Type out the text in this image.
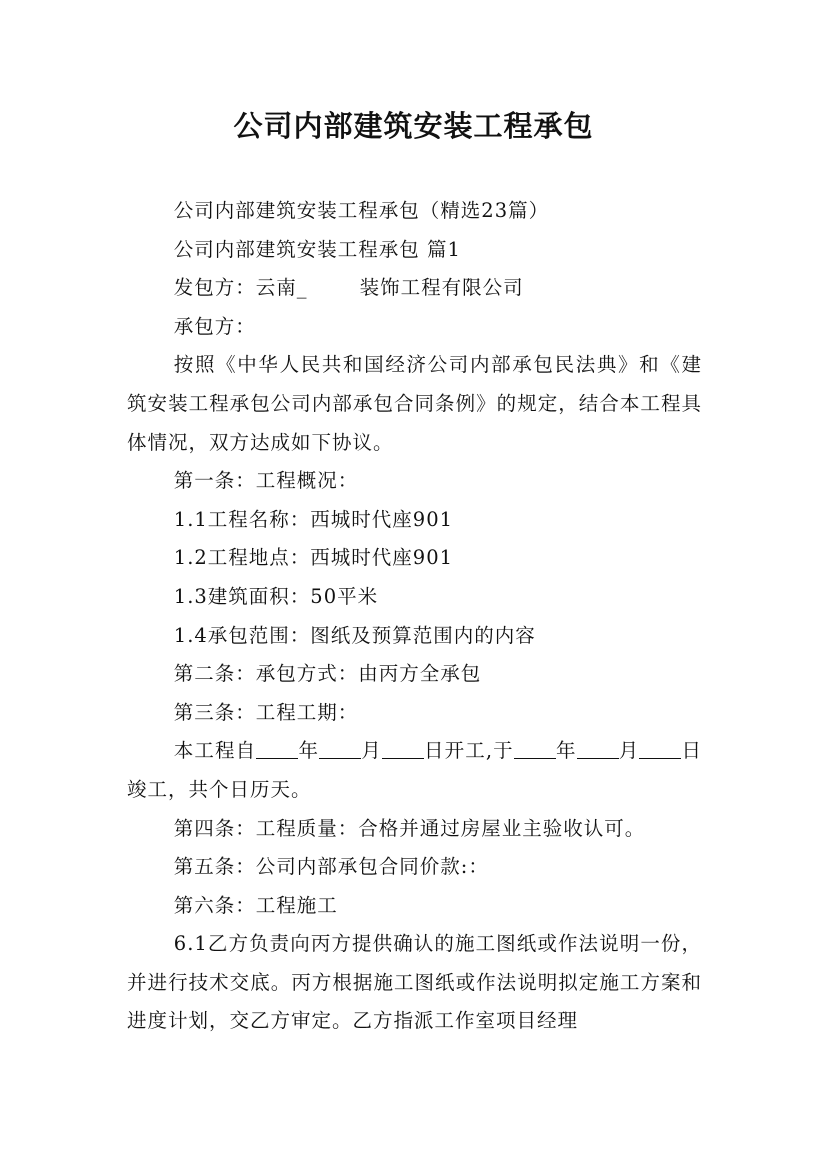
公司内部建筑安装工程承包

公司内部建筑安装工程承包（精选23篇）

公司内部建筑安装工程承包 篇1

发包方：云南_	装饰工程有限公司

承包方：

按照《中华人民共和国经济公司内部承包民法典》和《建筑安装工程承包公司内部承包合同条例》的规定，结合本工程具体情况，双方达成如下协议。

第一条：工程概况：

1.1工程名称：西城时代座901

1.2工程地点：西城时代座901

1.3建筑面积：50平米

1.4承包范围：图纸及预算范围内的内容

第二条：承包方式：由丙方全承包

第三条：工程工期：

本工程自 年 月 日开工,于 年 月 日竣工，共个日历天。

第四条：工程质量：合格并通过房屋业主验收认可。

第五条：公司内部承包合同价款:：

第六条：工程施工

6.1乙方负责向丙方提供确认的施工图纸或作法说明一份，并进行技术交底。丙方根据施工图纸或作法说明拟定施工方案和进度计划，交乙方审定。乙方指派工作室项目经理
